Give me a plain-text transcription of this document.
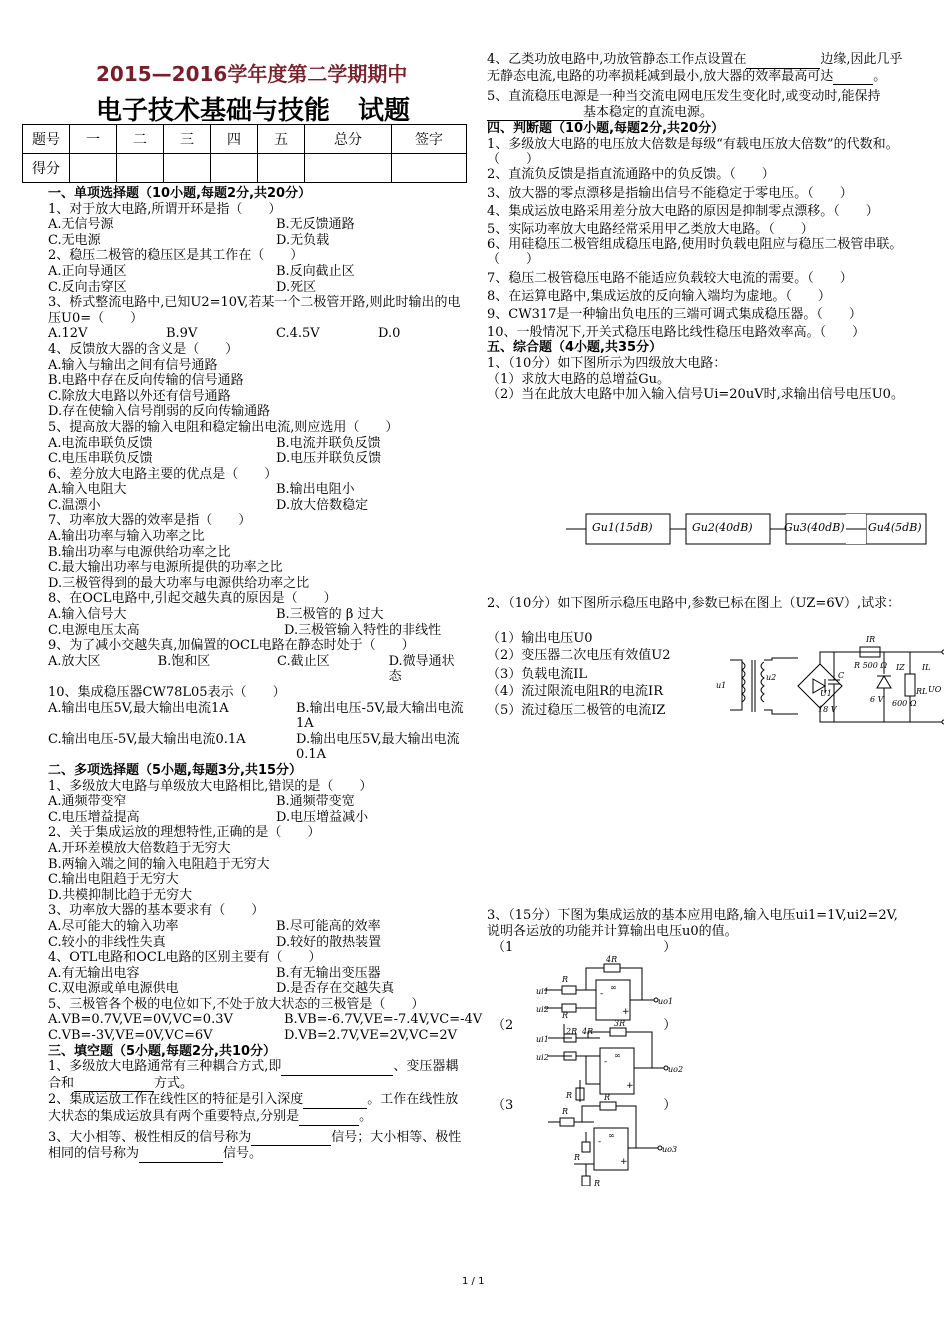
2015—2016学年度第二学期期中
电子技术基础与技能 试题
题号	一	二	三	四	五	总分	签字
得分							
一、单项选择题（10小题,每题2分,共20分）
1、对于放大电路,所谓开环是指（　　）
A.无信号源	B.无反馈通路
C.无电源	D.无负载
2、稳压二极管的稳压区是其工作在（　　）
A.正向导通区	B.反向截止区
C.反向击穿区	D.死区
3、桥式整流电路中,已知U2=10V,若某一个二极管开路,则此时输出的电压U0=（　　）
A.12V	B.9V	C.4.5V	D.0
4、反馈放大器的含义是（　　）
A.输入与输出之间有信号通路
B.电路中存在反向传输的信号通路
C.除放大电路以外还有信号通路
D.存在使输入信号削弱的反向传输通路
5、提高放大器的输入电阻和稳定输出电流,则应选用（　　）
A.电流串联负反馈	B.电流并联负反馈
C.电压串联负反馈	D.电压并联负反馈
6、差分放大电路主要的优点是（　　）
A.输入电阻大	B.输出电阻小
C.温漂小	D.放大倍数稳定
7、功率放大器的效率是指（　　）
A.输出功率与输入功率之比
B.输出功率与电源供给功率之比
C.最大输出功率与电源所提供的功率之比
D.三极管得到的最大功率与电源供给功率之比
8、在OCL电路中,引起交越失真的原因是（　　）
A.输入信号大	B.三极管的 β 过大
C.电源电压太高	D.三极管输入特性的非线性
9、为了减小交越失真,加偏置的OCL电路在静态时处于（　　）
A.放大区	B.饱和区	C.截止区	D.微导通状态
10、集成稳压器CW78L05表示（　　）
A.输出电压5V,最大输出电流1A	B.输出电压-5V,最大输出电流1A
C.输出电压-5V,最大输出电流0.1A	D.输出电压5V,最大输出电流0.1A
二、多项选择题（5小题,每题3分,共15分）
1、多级放大电路与单级放大电路相比,错误的是（　　）
A.通频带变窄	B.通频带变宽
C.电压增益提高	D.电压增益减小
2、关于集成运放的理想特性,正确的是（　　）
A.开环差模放大倍数趋于无穷大
B.两输入端之间的输入电阻趋于无穷大
C.输出电阻趋于无穷大
D.共模抑制比趋于无穷大
3、功率放大器的基本要求有（　　）
A.尽可能大的输入功率	B.尽可能高的效率
C.较小的非线性失真	D.较好的散热装置
4、OTL电路和OCL电路的区别主要有（　　）
A.有无输出电容	B.有无输出变压器
C.双电源或单电源供电	D.是否存在交越失真
5、三极管各个极的电位如下,不处于放大状态的三极管是（　　）
A.VB=0.7V,VE=0V,VC=0.3V	B.VB=-6.7V,VE=-7.4V,VC=-4V
C.VB=-3V,VE=0V,VC=6V	D.VB=2.7V,VE=2V,VC=2V
三、填空题（5小题,每题2分,共10分）
1、多级放大电路通常有三种耦合方式,即	、变压器耦合和	方式。
2、集成运放工作在线性区的特征是引入深度	。工作在线性放大状态的集成运放具有两个重要特点,分别是	。
3、大小相等、极性相反的信号称为	信号；大小相等、极性相同的信号称为	信号。
4、乙类功放电路中,功放管静态工作点设置在	边缘,因此几乎无静态电流,电路的功率损耗减到最小,放大器的效率最高可达	。
5、直流稳压电源是一种当交流电网电压发生变化时,或变动时,能保持 基本稳定的直流电源。
四、判断题（10小题,每题2分,共20分）
1、多级放大电路的电压放大倍数是每级“有载电压放大倍数”的代数和。（　　）
2、直流负反馈是指直流通路中的负反馈。（　　）
3、放大器的零点漂移是指输出信号不能稳定于零电压。（　　）
4、集成运放电路采用差分放大电路的原因是抑制零点漂移。（　　）
5、实际功率放大电路经常采用甲乙类放大电路。（　　）
6、用硅稳压二极管组成稳压电路,使用时负载电阻应与稳压二极管串联。（　　）
7、稳压二极管稳压电路不能适应负载较大电流的需要。（　　）
8、在运算电路中,集成运放的反向输入端均为虚地。（　　）
9、CW317是一种输出负电压的三端可调式集成稳压器。（　　）
10、一般情况下,开关式稳压电路比线性稳压电路效率高。（　　）
五、综合题（4小题,共35分）
1、（10分）如下图所示为四级放大电路：
（1）求放大电路的总增益Gu。
（2）当在此放大电路中加入输入信号Ui=20uV时,求输出信号电压U0。
Gu1(15dB)	Gu2(40dB)	Gu3(40dB) Gu4(5dB)
2、（10分）如下图所示稳压电路中,参数已标在图上（UZ=6V）,试求：
（1）输出电压U0
（2）变压器二次电压有效值U2
（3）负载电流IL
（4）流过限流电阻R的电流IR
（5）流过稳压二极管的电流IZ
u1
u2
IR
R 500 Ω IZ IL
C
U1
18 V
6 V
RL
600 Ω
UO
3、（15分）下图为集成运放的基本应用电路,输入电压ui1=1V,ui2=2V,说明各运放的功能并计算输出电压u0的值。
（1	）
（2	）
（3	）
4R
R
ui1
ui2
R
uo1
∞
2R 4R
3R
ui1
ui2	∞
uo2
R	R
R
∞
uo3
R
R
-
+
-
+
-
+
1 / 1
